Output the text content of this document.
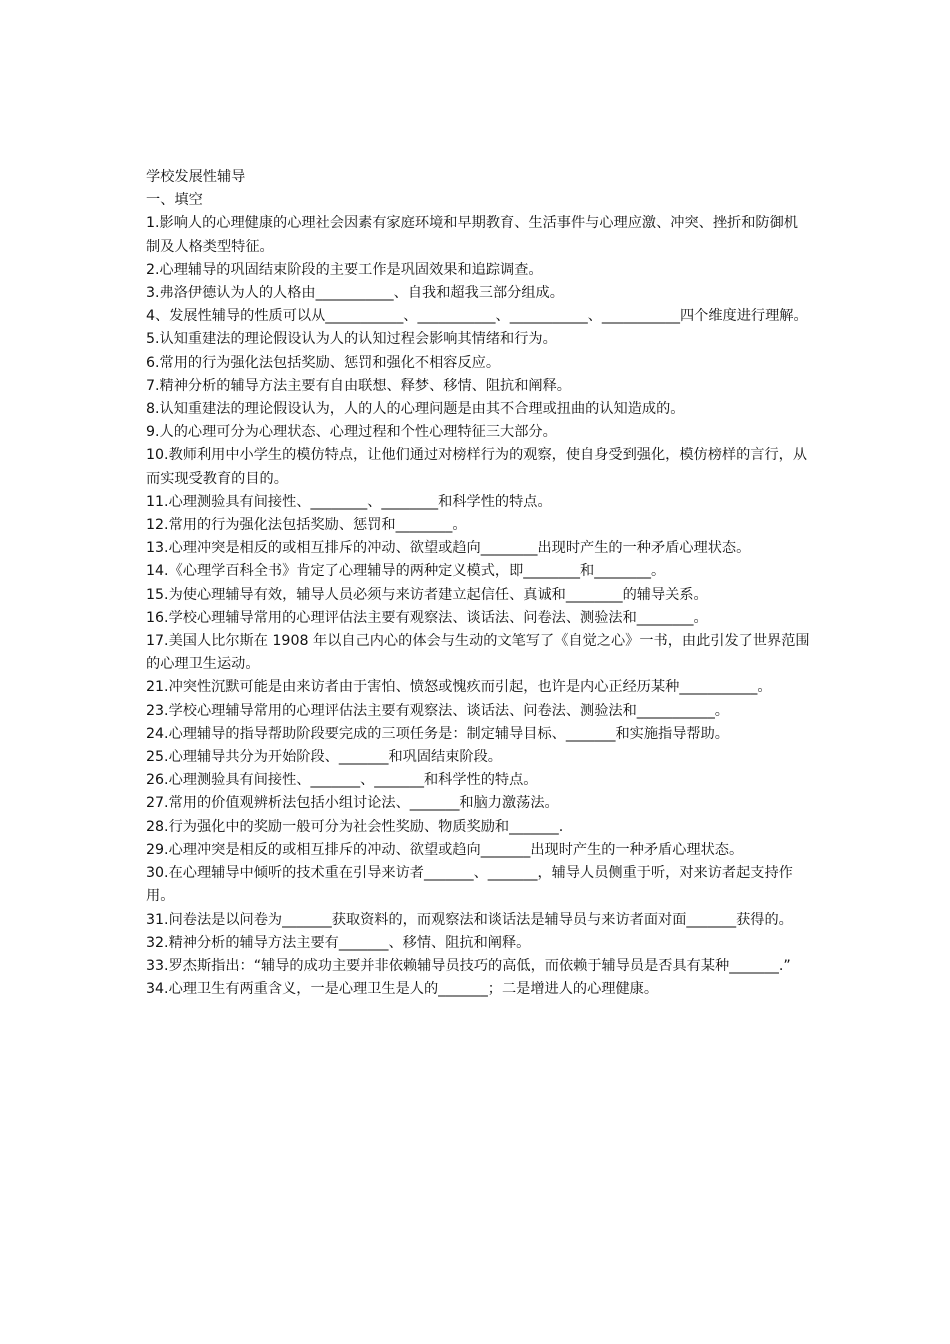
学校发展性辅导

一、填空

1.影响人的心理健康的心理社会因素有家庭环境和早期教育、生活事件与心理应激、冲突、挫折和防御机制及人格类型特征。

2.心理辅导的巩固结束阶段的主要工作是巩固效果和追踪调查。

3.弗洛伊德认为人的人格由___________、自我和超我三部分组成。

4、发展性辅导的性质可以从___________、___________、___________、___________四个维度进行理解。

5.认知重建法的理论假设认为人的认知过程会影响其情绪和行为。

6.常用的行为强化法包括奖励、惩罚和强化不相容反应。

7.精神分析的辅导方法主要有自由联想、释梦、移情、阻抗和阐释。

8.认知重建法的理论假设认为，人的人的心理问题是由其不合理或扭曲的认知造成的。

9.人的心理可分为心理状态、心理过程和个性心理特征三大部分。

10.教师利用中小学生的模仿特点，让他们通过对榜样行为的观察，使自身受到强化，模仿榜样的言行，从而实现受教育的目的。

11.心理测验具有间接性、________、________和科学性的特点。

12.常用的行为强化法包括奖励、惩罚和________。

13.心理冲突是相反的或相互排斥的冲动、欲望或趋向________出现时产生的一种矛盾心理状态。

14.《心理学百科全书》肯定了心理辅导的两种定义模式，即________和________。

15.为使心理辅导有效，辅导人员必须与来访者建立起信任、真诚和________的辅导关系。

16.学校心理辅导常用的心理评估法主要有观察法、谈话法、问卷法、测验法和________。

17.美国人比尔斯在 1908 年以自己内心的体会与生动的文笔写了《自觉之心》一书，由此引发了世界范围的心理卫生运动。

21.冲突性沉默可能是由来访者由于害怕、愤怒或愧疚而引起，也许是内心正经历某种___________。

23.学校心理辅导常用的心理评估法主要有观察法、谈话法、问卷法、测验法和___________。

24.心理辅导的指导帮助阶段要完成的三项任务是：制定辅导目标、_______和实施指导帮助。

25.心理辅导共分为开始阶段、_______和巩固结束阶段。

26.心理测验具有间接性、_______、_______和科学性的特点。

27.常用的价值观辨析法包括小组讨论法、_______和脑力激荡法。

28.行为强化中的奖励一般可分为社会性奖励、物质奖励和_______.

29.心理冲突是相反的或相互排斥的冲动、欲望或趋向_______出现时产生的一种矛盾心理状态。

30.在心理辅导中倾听的技术重在引导来访者_______、_______，辅导人员侧重于听，对来访者起支持作用。

31.问卷法是以问卷为_______获取资料的，而观察法和谈话法是辅导员与来访者面对面_______获得的。

32.精神分析的辅导方法主要有_______、移情、阻抗和阐释。

33.罗杰斯指出：“辅导的成功主要并非依赖辅导员技巧的高低，而依赖于辅导员是否具有某种_______.”

34.心理卫生有两重含义，一是心理卫生是人的_______；二是增进人的心理健康。
